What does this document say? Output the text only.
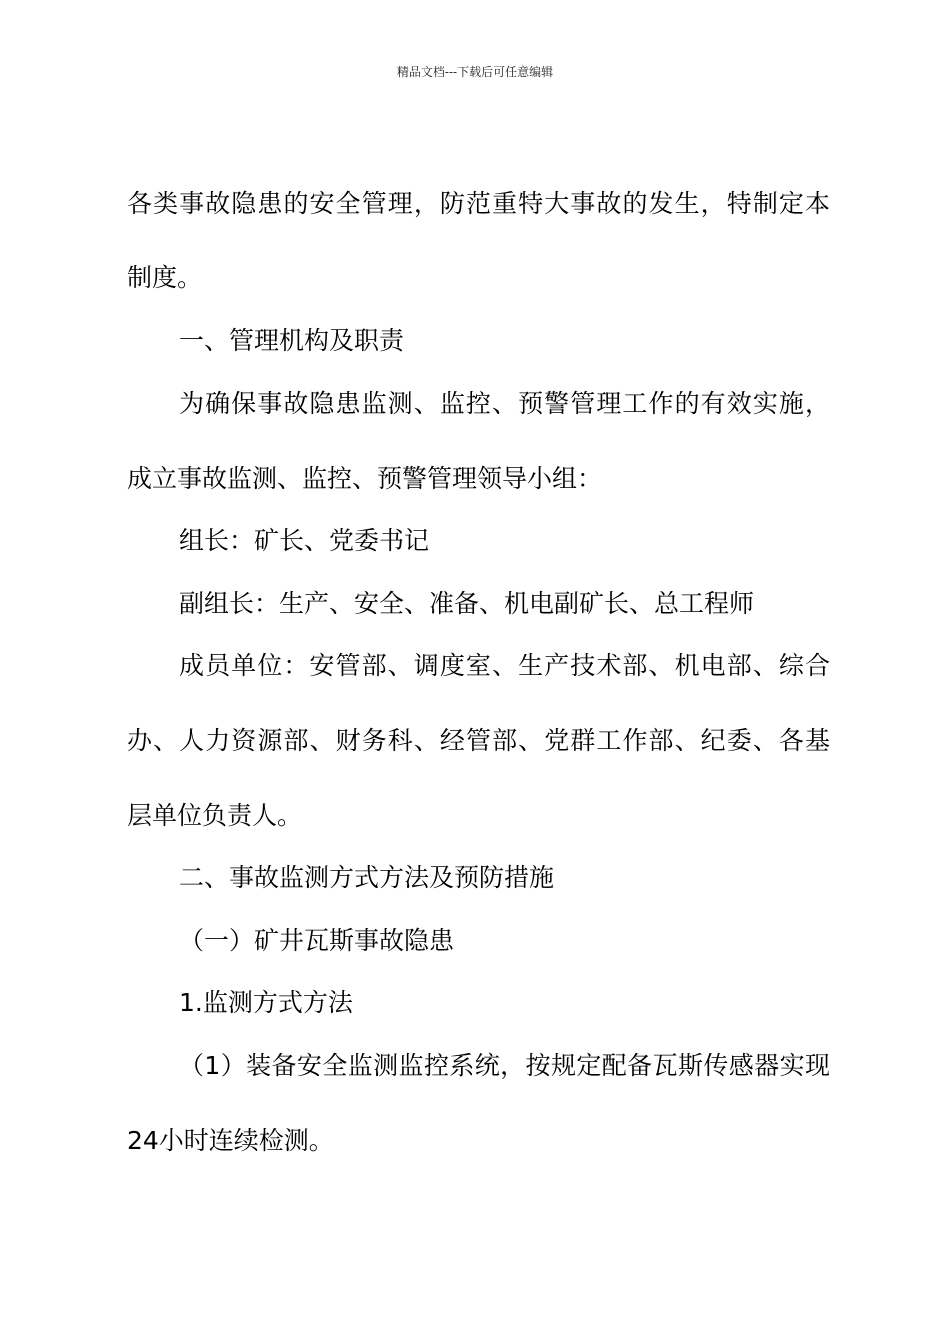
精品文档---下载后可任意编辑
各类事故隐患的安全管理，防范重特大事故的发生，特制定本
制度。
一、管理机构及职责
为确保事故隐患监测、监控、预警管理工作的有效实施，
成立事故监测、监控、预警管理领导小组：
组长：矿长、党委书记
副组长：生产、安全、准备、机电副矿长、总工程师
成员单位：安管部、调度室、生产技术部、机电部、综合
办、人力资源部、财务科、经管部、党群工作部、纪委、各基
层单位负责人。
二、事故监测方式方法及预防措施
（一）矿井瓦斯事故隐患
1.监测方式方法
（1）装备安全监测监控系统，按规定配备瓦斯传感器实现
24小时连续检测。
